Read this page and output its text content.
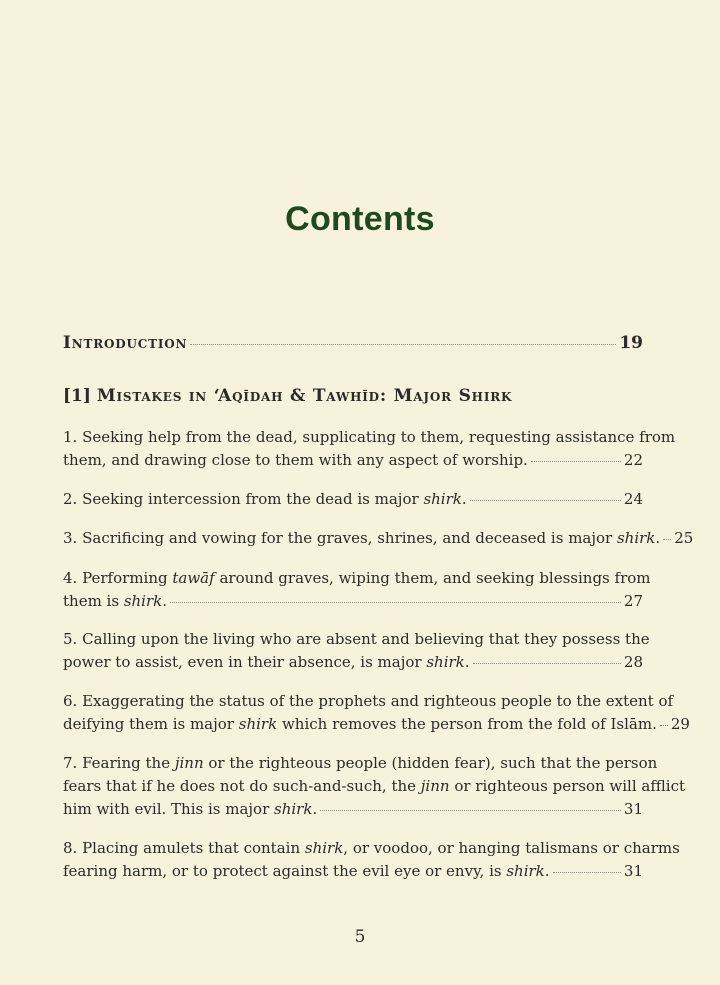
Contents
Introduction	19
[1] Mistakes in ‘Aqīdah & Tawhīd: Major Shirk
1. Seeking help from the dead, supplicating to them, requesting assistance from
them, and drawing close to them with any aspect of worship.	22
2. Seeking intercession from the dead is major shirk.	24
3. Sacrificing and vowing for the graves, shrines, and deceased is major shirk. 25
4. Performing tawāf around graves, wiping them, and seeking blessings from
them is shirk.	27
5. Calling upon the living who are absent and believing that they possess the
power to assist, even in their absence, is major shirk.	28
6. Exaggerating the status of the prophets and righteous people to the extent of
deifying them is major shirk which removes the person from the fold of Islām. 29
7. Fearing the jinn or the righteous people (hidden fear), such that the person
fears that if he does not do such-and-such, the jinn or righteous person will afflict
him with evil. This is major shirk.	31
8. Placing amulets that contain shirk, or voodoo, or hanging talismans or charms
fearing harm, or to protect against the evil eye or envy, is shirk.	31
5
